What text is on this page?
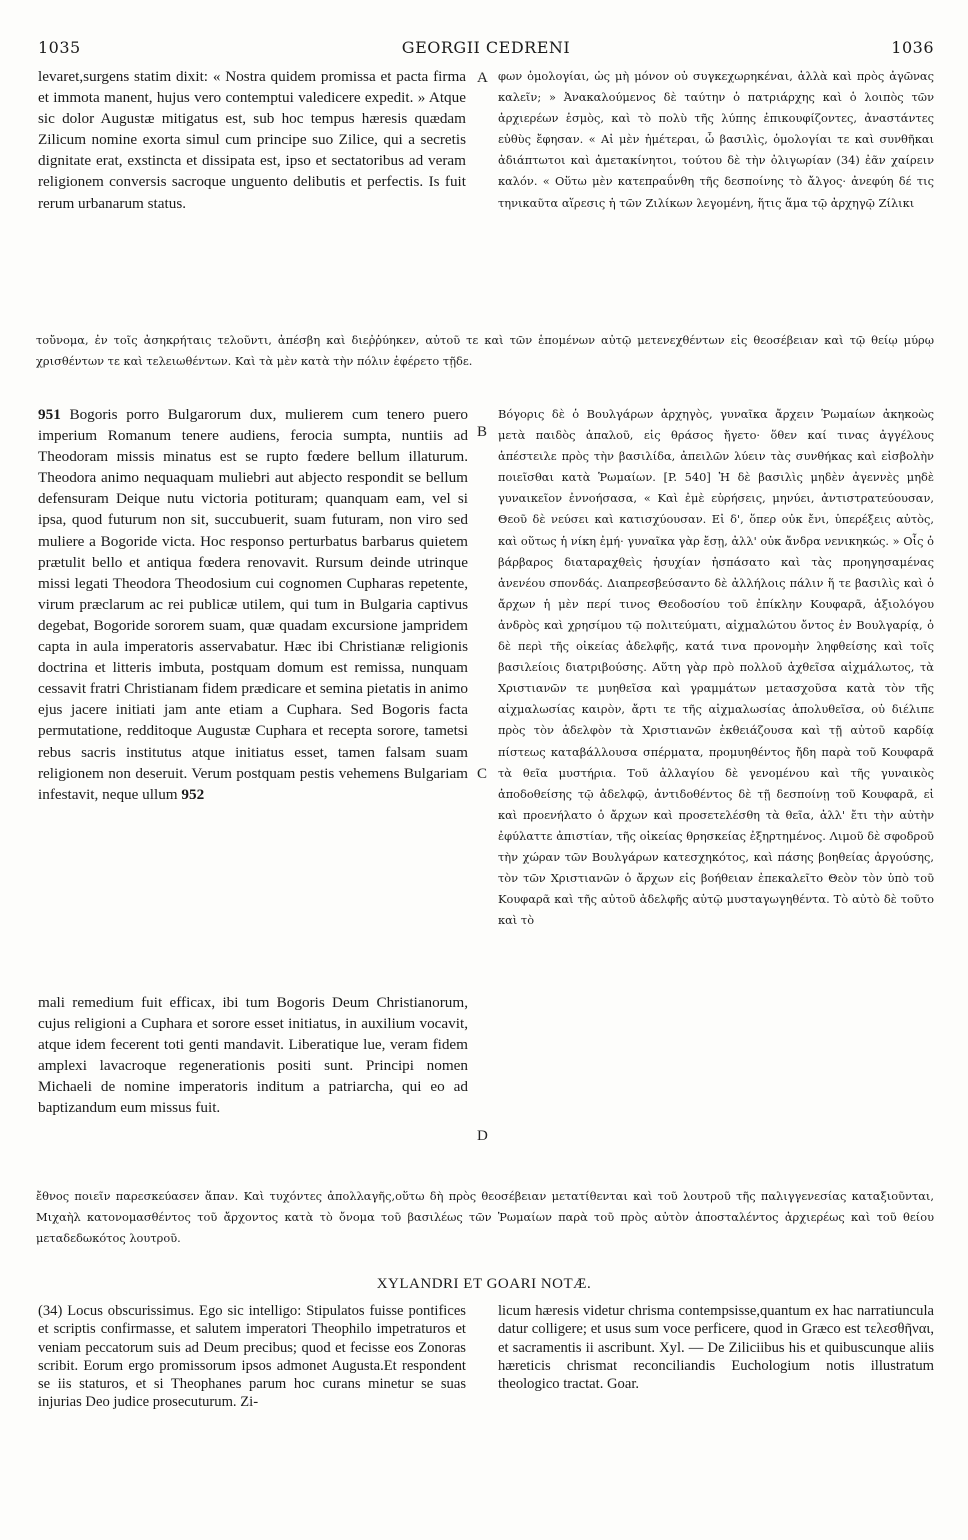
1035	GEORGII CEDRENI	1036
levaret,surgens statim dixit: « Nostra quidem promissa et pacta firma et immota manent, hujus vero contemptui valedicere expedit. » Atque sic dolor Augustæ mitigatus est, sub hoc tempus hæresis quædam Zilicum nomine exorta simul cum principe suo Zilice, qui a secretis dignitate erat, exstincta et dissipata est, ipso et sectatoribus ad veram religionem conversis sacroque unguento delibutis et perfectis. Is fuit rerum urbanarum status.
A φων ὁμολογίαι, ὡς μὴ μόνον οὐ συγκεχωρηκέναι, ἀλλὰ καὶ πρὸς ἀγῶνας καλεῖν; » Ἀνακαλούμενος δὲ ταύτην ὁ πατριάρχης καὶ ὁ λοιπὸς τῶν ἀρχιερέων ἑσμὸς, καὶ τὸ πολὺ τῆς λύπης ἐπικουφίζοντες, ἀναστάντες εὐθὺς ἔφησαν. « Αἱ μὲν ἡμέτεραι, ὦ βασιλὶς, ὁμολογίαι τε καὶ συνθῆκαι ἀδιάπτωτοι καὶ ἀμετακίνητοι, τούτου δὲ τὴν ὀλιγωρίαν (34) ἐᾶν χαίρειν καλόν. « Οὕτω μὲν κατεπραΰνθη τῆς δεσποίνης τὸ ἄλγος· ἀνεφύη δέ τις τηνικαῦτα αἵρεσις ἡ τῶν Ζιλίκων λεγομένη, ἥτις ἅμα τῷ ἀρχηγῷ Ζίλικι
τοὔνομα, ἐν τοῖς ἀσηκρήταις τελοῦντι, ἀπέσβη καὶ διεῤῥύηκεν, αὐτοῦ τε καὶ τῶν ἑπομένων αὐτῷ μετενεχθέντων εἰς θεοσέβειαν καὶ τῷ θείῳ μύρῳ χρισθέντων τε καὶ τελειωθέντων. Καὶ τὰ μὲν κατὰ τὴν πόλιν ἐφέρετο τῇδε.
951 Bogoris porro Bulgarorum dux, mulierem cum tenero puero imperium Romanum tenere audiens, ferocia sumpta, nuntiis ad Theodoram missis minatus est se rupto fœdere bellum illaturum. Theodora animo nequaquam muliebri aut abjecto respondit se bellum defensuram Deique nutu victoria potituram; quanquam eam, vel si ipsa, quod futurum non sit, succubuerit, suam futuram, non viro sed muliere a Bogoride victa. Hoc responso perturbatus barbarus quietem prætulit bello et antiqua fœdera renovavit. Rursum deinde utrinque missi legati Theodora Theodosium cui cognomen Cupharas repetente, virum præclarum ac rei publicæ utilem, qui tum in Bulgaria captivus degebat, Bogoride sororem suam, quæ quadam excursione jampridem capta in aula imperatoris asservabatur. Hæc ibi Christianæ religionis doctrina et litteris imbuta, postquam domum est remissa, nunquam cessavit fratri Christianam fidem prædicare et semina pietatis in animo ejus jacere initiati jam ante etiam a Cuphara. Sed Bogoris facta permutatione, redditoque Augustæ Cuphara et recepta sorore, tametsi rebus sacris institutus atque initiatus esset, tamen falsam suam religionem non deseruit. Verum postquam pestis vehemens Bulgariam infestavit, neque ullum 952
mali remedium fuit efficax, ibi tum Bogoris Deum Christianorum, cujus religioni a Cuphara et sorore esset initiatus, in auxilium vocavit, atque idem fecerent toti genti mandavit. Liberatique lue, veram fidem amplexi lavacroque regenerationis positi sunt. Principi nomen Michaeli de nomine imperatoris inditum a patriarcha, qui eo ad baptizandum eum missus fuit.
B
C
D
Βόγορις δὲ ὁ Βουλγάρων ἀρχηγὸς, γυναῖκα ἄρχειν Ῥωμαίων ἀκηκοὼς μετὰ παιδὸς ἁπαλοῦ, εἰς θράσος ἤγετο· ὅθεν καί τινας ἀγγέλους ἀπέστειλε πρὸς τὴν βασιλίδα, ἀπειλῶν λύειν τὰς συνθήκας καὶ εἰσβολὴν ποιεῖσθαι κατὰ Ῥωμαίων. [P. 540] Ἡ δὲ βασιλὶς μηδὲν ἀγεννὲς μηδὲ γυναικεῖον ἐννοήσασα, « Καὶ ἐμὲ εὑρήσεις, μηνύει, ἀντιστρατεύουσαν, Θεοῦ δὲ νεύσει καὶ κατισχύουσαν. Εἰ δ', ὅπερ οὐκ ἔνι, ὑπερέξεις αὐτὸς, καὶ οὕτως ἡ νίκη ἐμή· γυναῖκα γὰρ ἔσῃ, ἀλλ' οὐκ ἄνδρα νενικηκώς. » Οἷς ὁ βάρβαρος διαταραχθεὶς ἡσυχίαν ἠσπάσατο καὶ τὰς προηγησαμένας ἀνενέου σπονδάς. Διαπρεσβεύσαντο δὲ ἀλλήλοις πάλιν ἥ τε βασιλὶς καὶ ὁ ἄρχων ἡ μὲν περί τινος Θεοδοσίου τοῦ ἐπίκλην Κουφαρᾶ, ἀξιολόγου ἀνδρὸς καὶ χρησίμου τῷ πολιτεύματι, αἰχμαλώτου ὄντος ἐν Βουλγαρίᾳ, ὁ δὲ περὶ τῆς οἰκείας ἀδελφῆς, κατά τινα προνομὴν ληφθείσης καὶ τοῖς βασιλείοις διατριβούσης. Αὕτη γὰρ πρὸ πολλοῦ ἀχθεῖσα αἰχμάλωτος, τὰ Χριστιανῶν τε μυηθεῖσα καὶ γραμμάτων μετασχοῦσα κατὰ τὸν τῆς αἰχμαλωσίας καιρὸν, ἄρτι τε τῆς αἰχμαλωσίας ἀπολυθεῖσα, οὐ διέλιπε πρὸς τὸν ἀδελφὸν τὰ Χριστιανῶν ἐκθειάζουσα καὶ τῇ αὐτοῦ καρδίᾳ πίστεως καταβάλλουσα σπέρματα, προμυηθέντος ἤδη παρὰ τοῦ Κουφαρᾶ τὰ θεῖα μυστήρια. Τοῦ ἀλλαγίου δὲ γενομένου καὶ τῆς γυναικὸς ἀποδοθείσης τῷ ἀδελφῷ, ἀντιδοθέντος δὲ τῇ δεσποίνῃ τοῦ Κουφαρᾶ, εἰ καὶ προενήλατο ὁ ἄρχων καὶ προσετελέσθη τὰ θεῖα, ἀλλ' ἔτι τὴν αὐτὴν ἐφύλαττε ἀπιστίαν, τῆς οἰκείας θρησκείας ἐξηρτημένος. Λιμοῦ δὲ σφοδροῦ τὴν χώραν τῶν Βουλγάρων κατεσχηκότος, καὶ πάσης βοηθείας ἀργούσης, τὸν τῶν Χριστιανῶν ὁ ἄρχων εἰς βοήθειαν ἐπεκαλεῖτο Θεὸν τὸν ὑπὸ τοῦ Κουφαρᾶ καὶ τῆς αὐτοῦ ἀδελφῆς αὐτῷ μυσταγωγηθέντα. Τὸ αὐτὸ δὲ τοῦτο καὶ τὸ
ἔθνος ποιεῖν παρεσκεύασεν ἅπαν. Καὶ τυχόντες ἀπολλαγῆς,οὕτω δὴ πρὸς θεοσέβειαν μετατίθενται καὶ τοῦ λουτροῦ τῆς παλιγγενεσίας καταξιοῦνται, Μιχαὴλ κατονομασθέντος τοῦ ἄρχοντος κατὰ τὸ ὄνομα τοῦ βασιλέως τῶν Ῥωμαίων παρὰ τοῦ πρὸς αὐτὸν ἀποσταλέντος ἀρχιερέως καὶ τοῦ θείου μεταδεδωκότος λουτροῦ.
XYLANDRI ET GOARI NOTÆ.
(34) Locus obscurissimus. Ego sic intelligo: Stipulatos fuisse pontifices et scriptis confirmasse, et salutem imperatori Theophilo impetraturos et veniam peccatorum suis ad Deum precibus; quod et fecisse eos Zonoras scribit. Eorum ergo promissorum ipsos admonet Augusta.Et respondent se iis staturos, et si Theophanes parum hoc curans minetur se suas injurias Deo judice prosecuturum. Zi-
licum hæresis videtur chrisma contempsisse,quantum ex hac narratiuncula datur colligere; et usus sum voce perficere, quod in Græco est τελεσθῆναι, et sacramentis ii ascribunt. Xyl. — De Ziliciibus his et quibuscunque aliis hæreticis chrismat reconciliandis Euchologium notis illustratum theologico tractat. Goar.
